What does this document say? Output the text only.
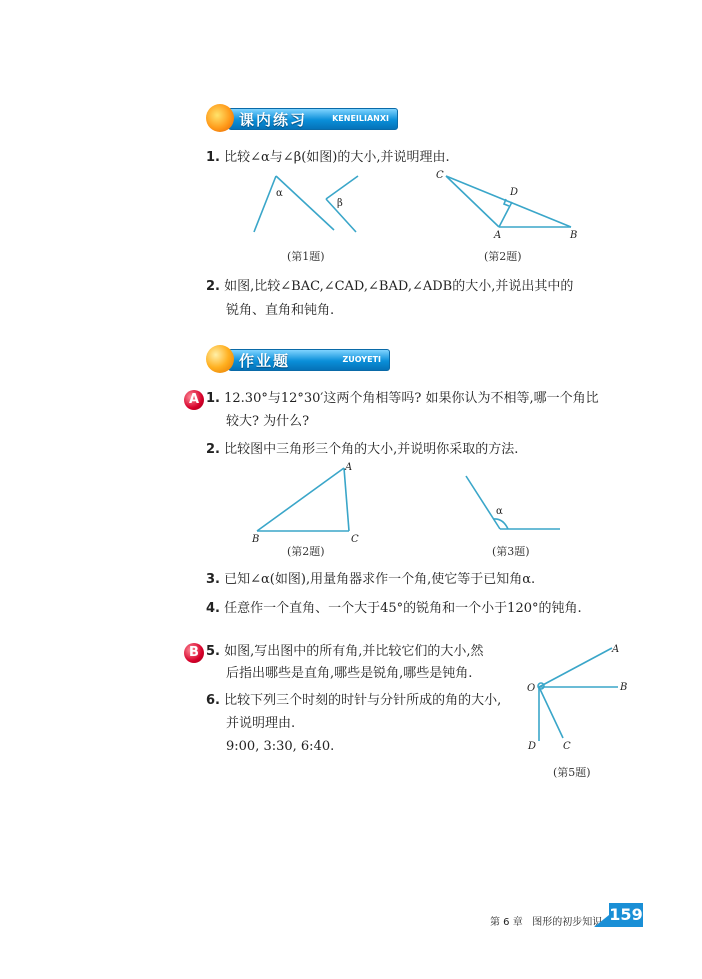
课内练习	KENEILIANXI
1. 比较∠α与∠β(如图)的大小,并说明理由.
α
β
C
D
A	B
A
B	C
α
A
B
O
D	C
(第1题)	(第2题)
2. 如图,比较∠BAC,∠CAD,∠BAD,∠ADB的大小,并说出其中的
锐角、直角和钝角.
作业题	ZUOYETI
A 1. 12.30°与12°30′这两个角相等吗? 如果你认为不相等,哪一个角比
较大? 为什么?
2. 比较图中三角形三个角的大小,并说明你采取的方法.
(第2题)	(第3题)
3. 已知∠α(如图),用量角器求作一个角,使它等于已知角α.
4. 任意作一个直角、一个大于45°的锐角和一个小于120°的钝角.
B 5. 如图,写出图中的所有角,并比较它们的大小,然
后指出哪些是直角,哪些是锐角,哪些是钝角.
6. 比较下列三个时刻的时针与分针所成的角的大小,
并说明理由.
9:00, 3:30, 6:40.
(第5题)
第 6 章 图形的初步知识 159
